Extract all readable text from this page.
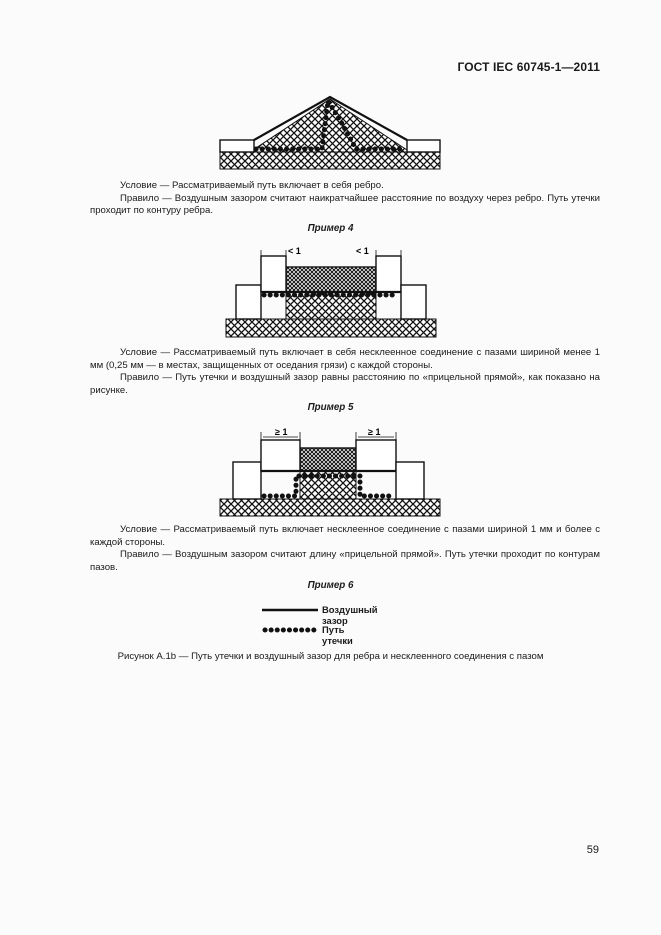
ГОСТ IEC 60745-1—2011

Условие — Рассматриваемый путь включает в себя ребро.

Правило — Воздушным зазором считают наикратчайшее расстояние по воздуху через ребро. Путь утечки проходит по контуру ребра.

Пример 4
< 1	< 1

Условие — Рассматриваемый путь включает в себя несклеенное соединение с пазами шириной менее 1 мм (0,25 мм — в местах, защищенных от оседания грязи) с каждой стороны.

Правило — Путь утечки и воздушный зазор равны расстоянию по «прицельной прямой», как показано на рисунке.

Пример 5
≥ 1	≥ 1

Условие — Рассматриваемый путь включает несклеенное соединение с пазами шириной 1 мм и более с каждой стороны.

Правило — Воздушным зазором считают длину «прицельной прямой». Путь утечки проходит по контурам пазов.

Пример 6
Воздушный зазор
Путь утечки
Рисунок А.1b — Путь утечки и воздушный зазор для ребра и несклеенного соединения с пазом
59
